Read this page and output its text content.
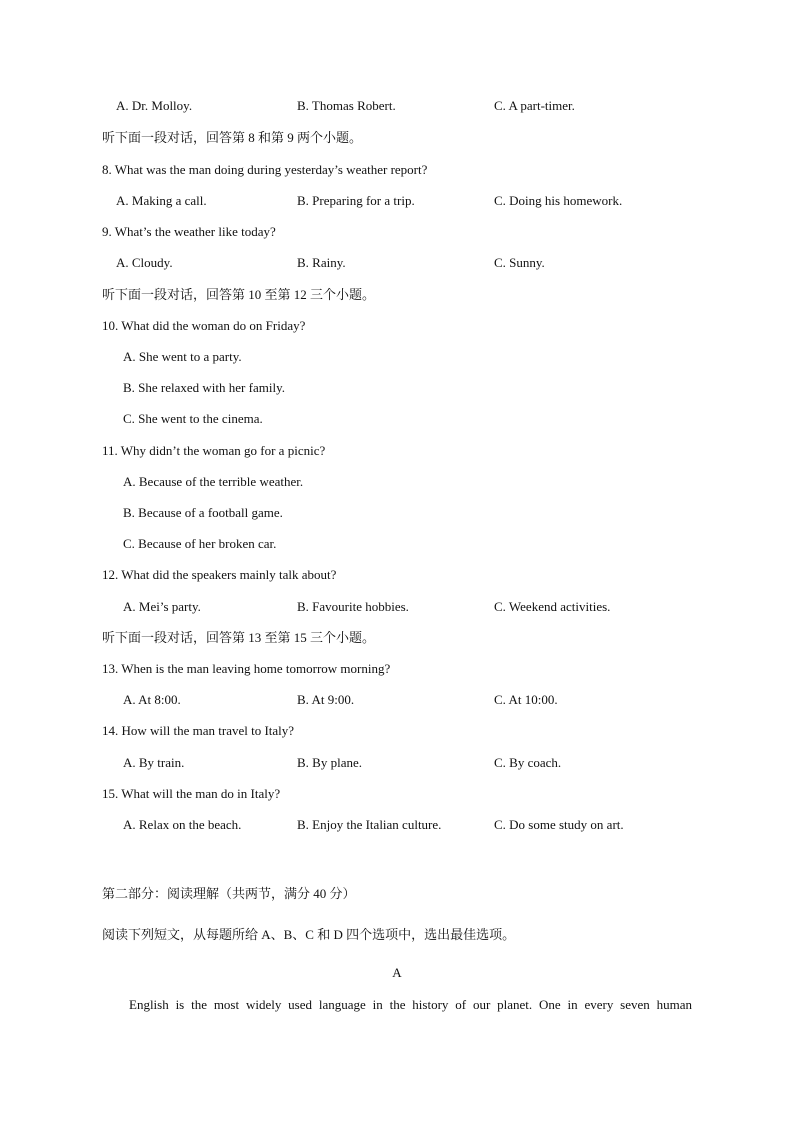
A. Dr. Molloy.	B. Thomas Robert.	C. A part-timer.
听下面一段对话，回答第 8 和第 9 两个小题。
8. What was the man doing during yesterday’s weather report?
A. Making a call.	B. Preparing for a trip.	C. Doing his homework.
9. What’s the weather like today?
A. Cloudy.	B. Rainy.	C. Sunny.
听下面一段对话，回答第 10 至第 12 三个小题。
10. What did the woman do on Friday?
A. She went to a party.
B. She relaxed with her family.
C. She went to the cinema.
11. Why didn’t the woman go for a picnic?
A. Because of the terrible weather.
B. Because of a football game.
C. Because of her broken car.
12. What did the speakers mainly talk about?
A. Mei’s party.	B. Favourite hobbies.	C. Weekend activities.
听下面一段对话，回答第 13 至第 15 三个小题。
13. When is the man leaving home tomorrow morning?
A. At 8:00.	B. At 9:00.	C. At 10:00.
14. How will the man travel to Italy?
A. By train.	B. By plane.	C. By coach.
15. What will the man do in Italy?
A. Relax on the beach.	B. Enjoy the Italian culture.	C. Do some study on art.
第二部分：阅读理解（共两节，满分 40 分）
阅读下列短文，从每题所给 A、B、C 和 D 四个选项中，选出最佳选项。
A
English is the most widely used language in the history of our planet. One in every seven human
